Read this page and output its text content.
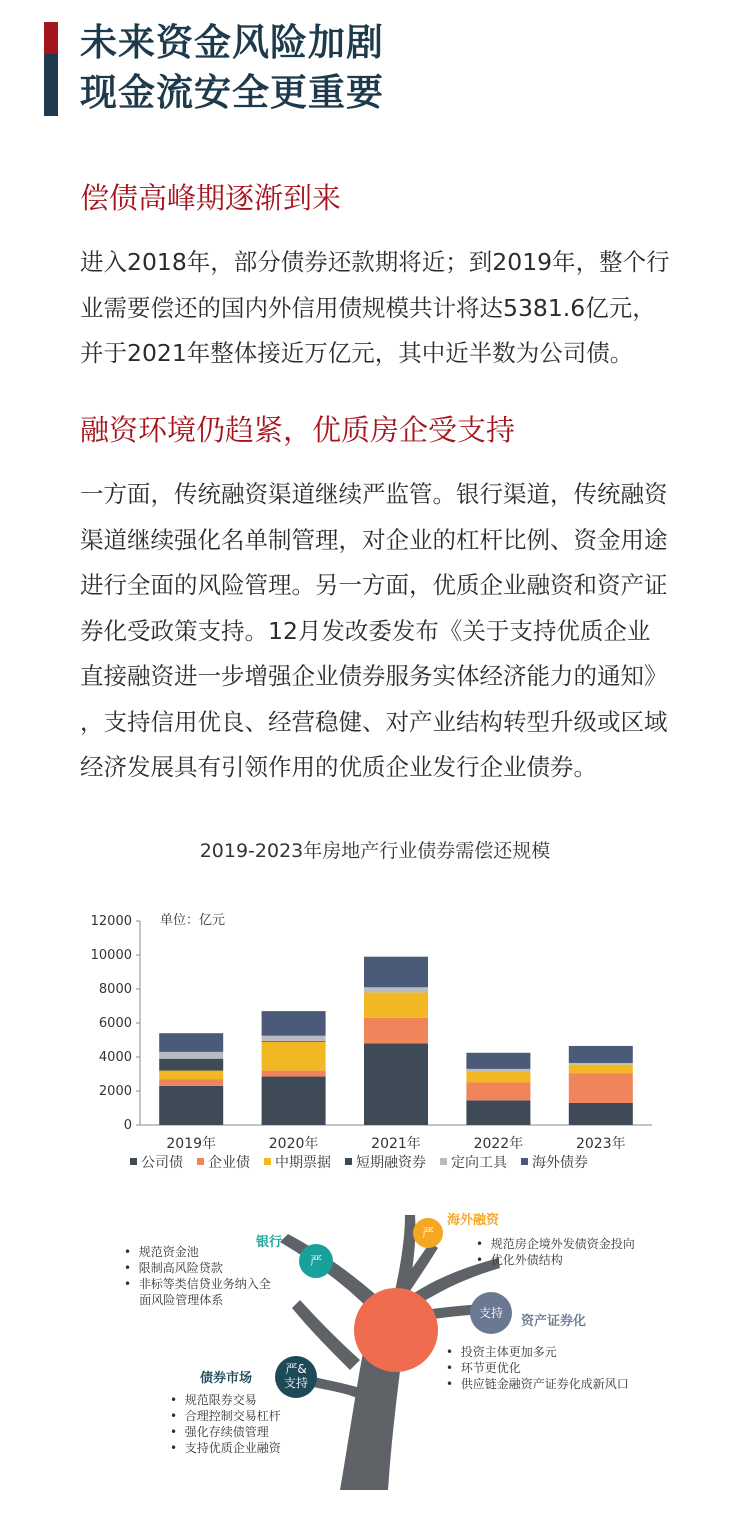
未来资金风险加剧
现金流安全更重要
偿债高峰期逐渐到来
进入2018年，部分债券还款期将近；到2019年，整个行
业需要偿还的国内外信用债规模共计将达5381.6亿元，
并于2021年整体接近万亿元，其中近半数为公司债。
融资环境仍趋紧，优质房企受支持
一方面，传统融资渠道继续严监管。银行渠道，传统融资
渠道继续强化名单制管理，对企业的杠杆比例、资金用途
进行全面的风险管理。另一方面，优质企业融资和资产证
券化受政策支持。12月发改委发布《关于支持优质企业
直接融资进一步增强企业债券服务实体经济能力的通知》
，支持信用优良、经营稳健、对产业结构转型升级或区域
经济发展具有引领作用的优质企业发行企业债券。
2019-2023年房地产行业债券需偿还规模
单位：亿元
0
2000
4000
6000
8000
10000
12000
2019年	2020年	2021年	2022年	2023年
公司债 企业债 中期票据 短期融资券 定向工具 海外债券
严
严
支持
严&
支持
银行
•  规范资金池
•  限制高风险贷款
•  非标等类信贷业务纳入全
面风险管理体系
海外融资
•  规范房企境外发债资金投向
•  优化外债结构
资产证券化
•  投资主体更加多元
•  环节更优化
•  供应链金融资产证券化成新风口
债券市场
•  规范限券交易
•  合理控制交易杠杆
•  强化存续债管理
•  支持优质企业融资
